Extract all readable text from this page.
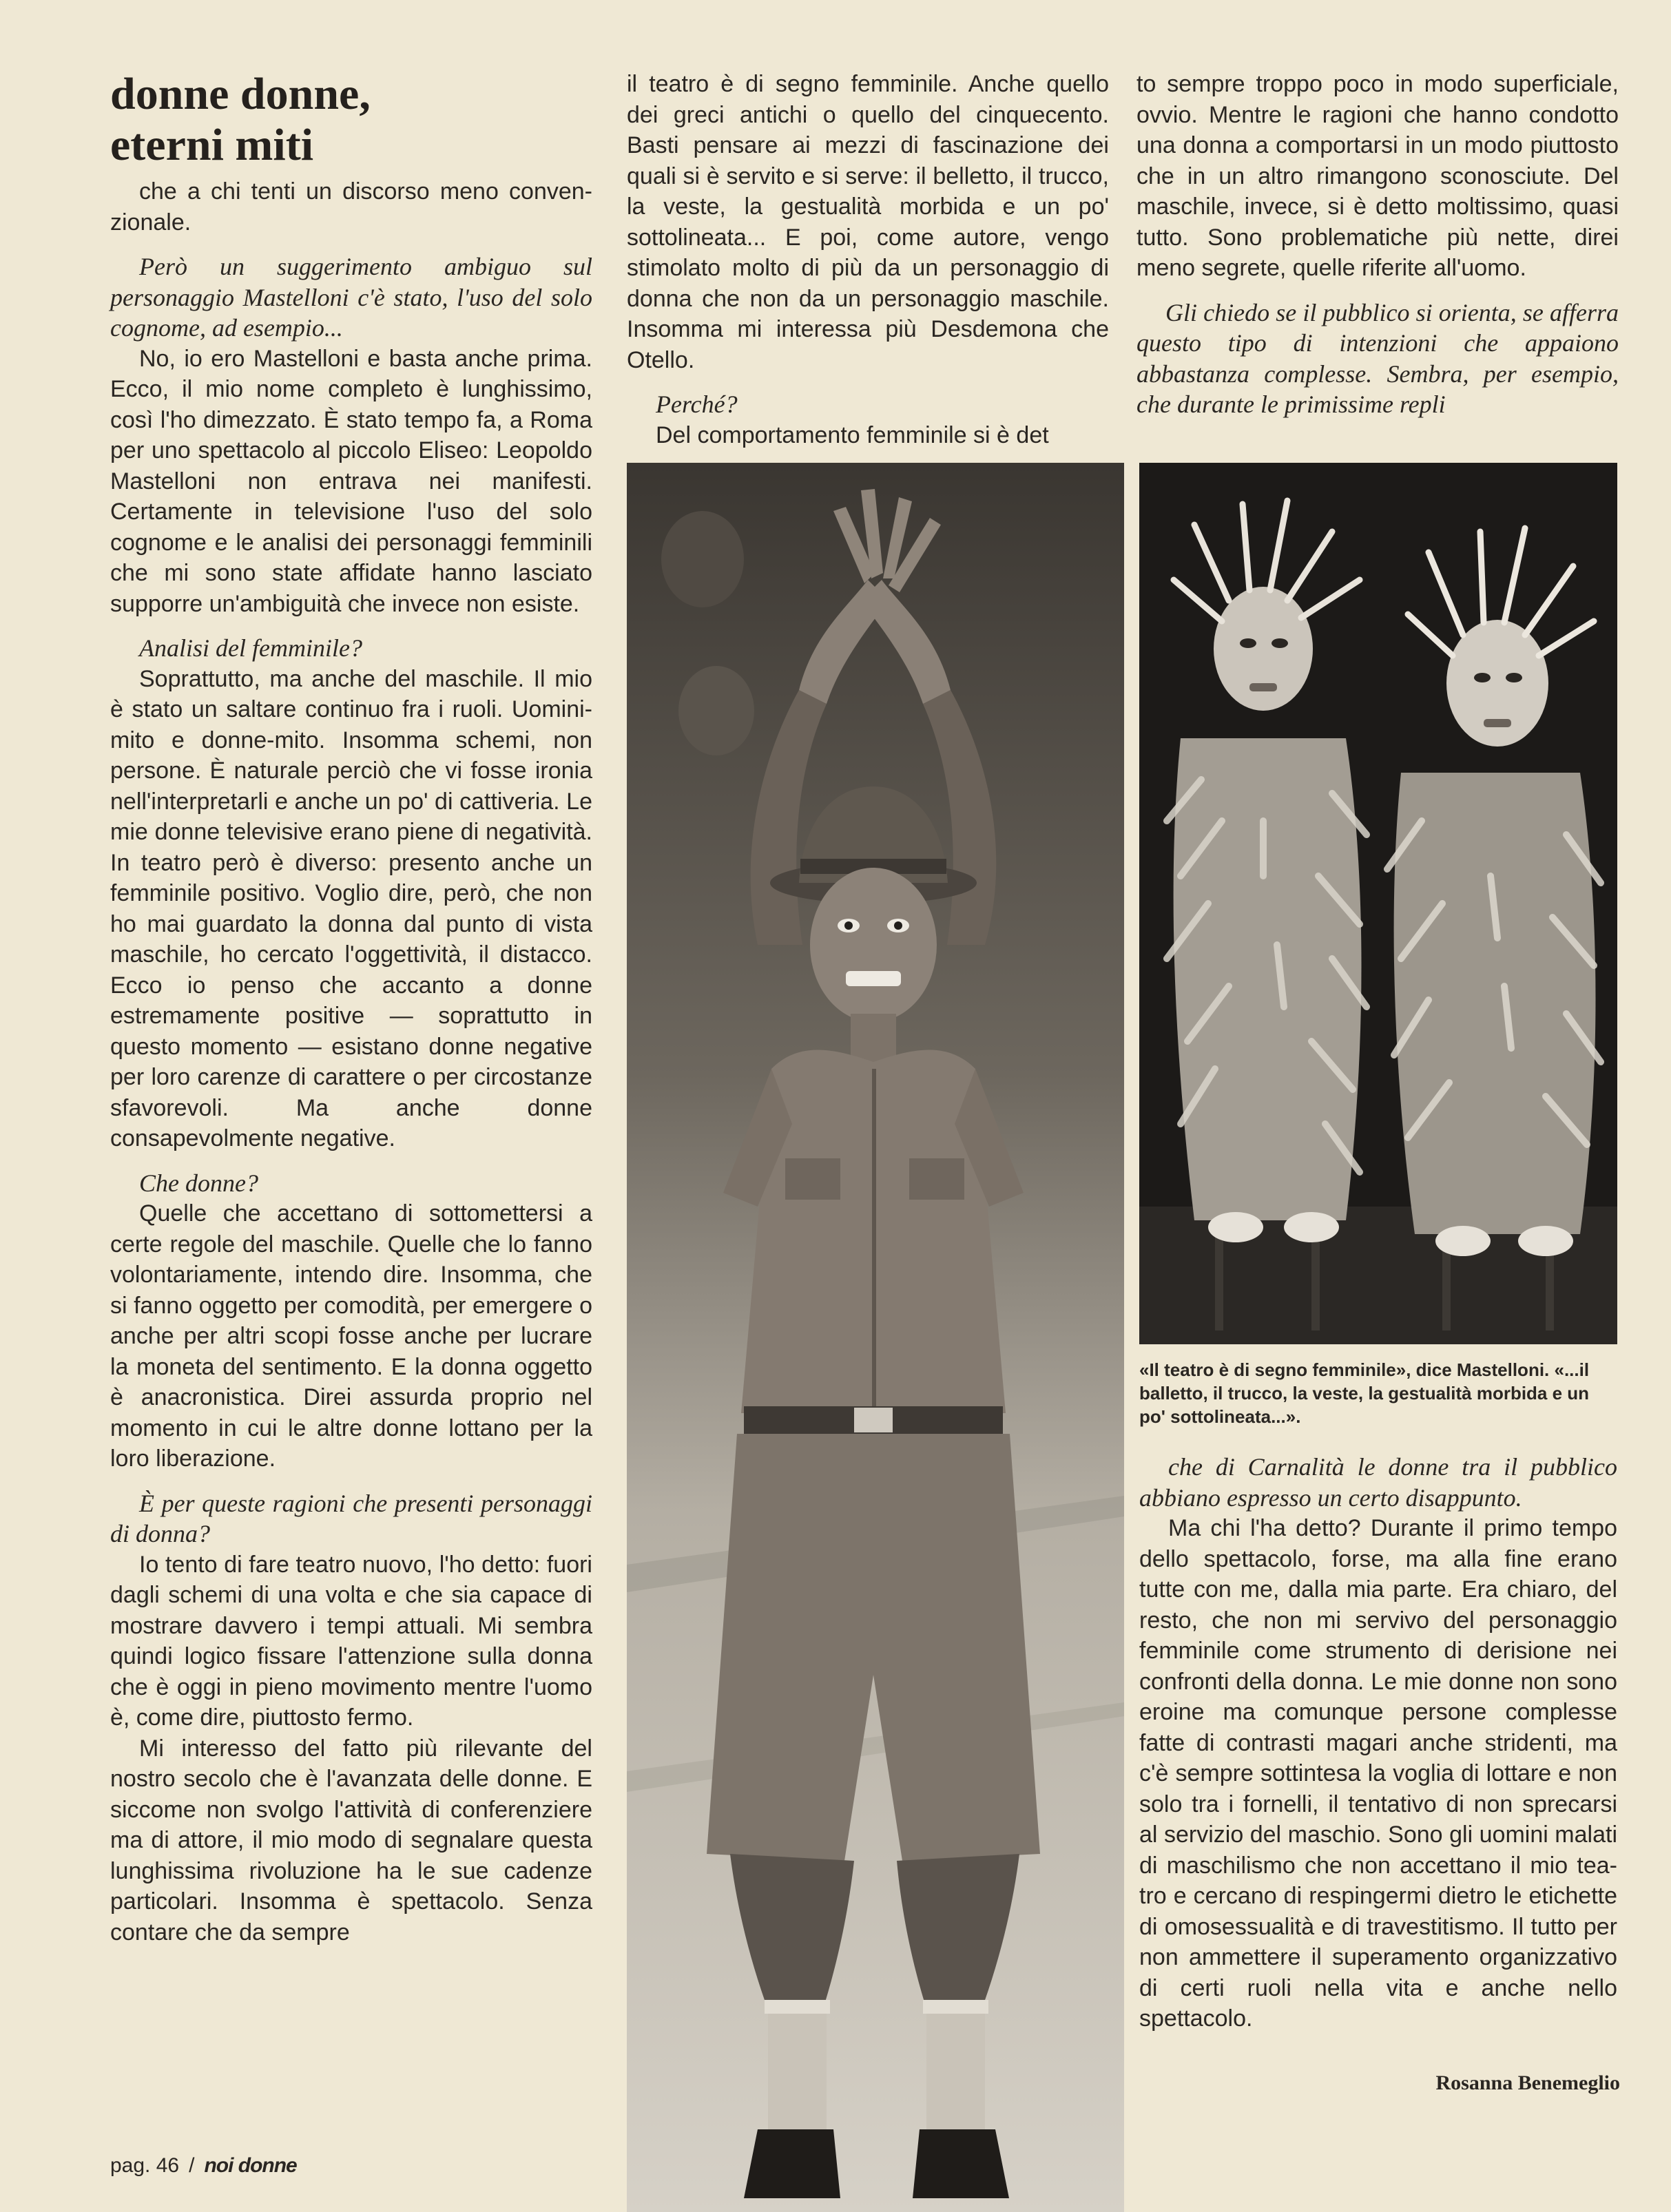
donne donne,
eterni miti

che a chi tenti un discorso meno convenzionale.

Però un suggerimento ambiguo sul personaggio Mastelloni c'è stato, l'uso del solo cognome, ad esempio...

No, io ero Mastelloni e basta anche prima. Ecco, il mio nome completo è lunghissimo, così l'ho dimezzato. È stato tempo fa, a Roma per uno spettacolo al piccolo Eliseo: Leopoldo Mastelloni non entrava nei manifesti. Certamente in televisione l'uso del solo cognome e le analisi dei personaggi femminili che mi sono state affidate hanno lasciato supporre un'ambiguità che invece non esiste.

Analisi del femminile?

Soprattutto, ma anche del maschile. Il mio è stato un saltare continuo fra i ruoli. Uomini-mito e donne-mito. Insomma schemi, non persone. È naturale perciò che vi fosse ironia nell'interpretarli e anche un po' di cattiveria. Le mie donne televisive erano piene di negatività. In teatro però è diverso: presento anche un femminile positivo. Voglio dire, però, che non ho mai guardato la donna dal punto di vista maschile, ho cercato l'oggettività, il distacco. Ecco io penso che accanto a donne estremamente positive — soprattutto in questo momento — esistano donne negative per loro carenze di carattere o per circostanze sfavorevoli. Ma anche donne consapevolmente negative.

Che donne?

Quelle che accettano di sottomettersi a certe regole del maschile. Quelle che lo fanno volontariamente, intendo dire. Insomma, che si fanno oggetto per comodità, per emergere o anche per altri scopi fosse anche per lucrare la moneta del sentimento. E la donna oggetto è anacronistica. Direi assurda proprio nel momento in cui le altre donne lottano per la loro liberazione.

È per queste ragioni che presenti personaggi di donna?

Io tento di fare teatro nuovo, l'ho detto: fuori dagli schemi di una volta e che sia capace di mostrare davvero i tempi attuali. Mi sembra quindi logico fissare l'attenzione sulla donna che è oggi in pieno movimento mentre l'uomo è, come dire, piuttosto fermo.

Mi interesso del fatto più rilevante del nostro secolo che è l'avanzata delle donne. E siccome non svolgo l'attività di conferenziere ma di attore, il mio modo di segnalare questa lunghissima rivoluzione ha le sue cadenze particolari. Insomma è spettacolo. Senza contare che da sempre

il teatro è di segno femminile. Anche quello dei greci antichi o quello del cinquecento. Basti pensare ai mezzi di fascinazione dei quali si è servito e si serve: il belletto, il trucco, la veste, la gestualità morbida e un po' sottolineata... E poi, come autore, vengo stimolato molto di più da un personaggio di donna che non da un personaggio maschile. Insomma mi interessa più Desdemona che Otello.

Perché?

Del comportamento femminile si è det

to sempre troppo poco in modo superficiale, ovvio. Mentre le ragioni che hanno condotto una donna a comportarsi in un modo piuttosto che in un altro rimangono sconosciute. Del maschile, invece, si è detto moltissimo, quasi tutto. Sono problematiche più nette, direi meno segrete, quelle riferite all'uomo.

Gli chiedo se il pubblico si orienta, se afferra questo tipo di intenzioni che appaiono abbastanza complesse. Sembra, per esempio, che durante le primissime repli

«Il teatro è di segno femminile», dice Mastelloni. «...il balletto, il trucco, la veste, la gestualità morbida e un po' sottolineata...».

che di Carnalità le donne tra il pubblico abbiano espresso un certo disappunto.

Ma chi l'ha detto? Durante il primo tempo dello spettacolo, forse, ma alla fine erano tutte con me, dalla mia parte. Era chiaro, del resto, che non mi servivo del personaggio femminile come strumento di derisione nei confronti della donna. Le mie donne non sono eroine ma comunque persone complesse fatte di contrasti magari anche stridenti, ma c'è sempre sottintesa la voglia di lottare e non solo tra i fornelli, il tentativo di non sprecarsi al servizio del maschio. Sono gli uomini malati di maschilismo che non accettano il mio teatro e cercano di respingermi dietro le etichette di omosessualità e di travestitismo. Il tutto per non ammettere il superamento organizzativo di certi ruoli nella vita e anche nello spettacolo.

Rosanna Benemeglio
pag. 46 / noi donne
